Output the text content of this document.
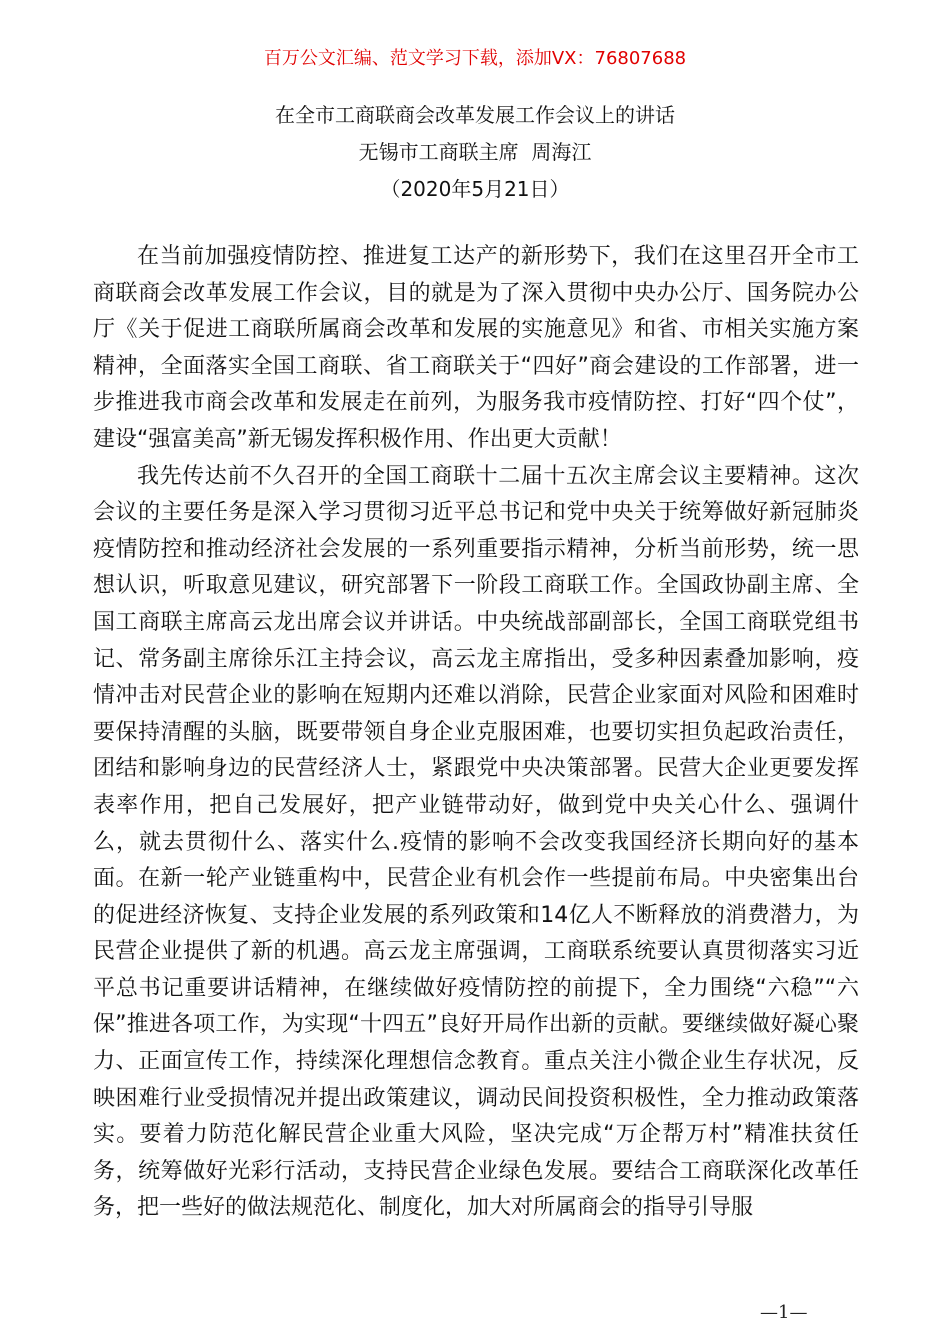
百万公文汇编、范文学习下载，添加VX：76807688
在全市工商联商会改革发展工作会议上的讲话
无锡市工商联主席  周海江
（2020年5月21日）

在当前加强疫情防控、推进复工达产的新形势下，我们在这里召开全市工商联商会改革发展工作会议，目的就是为了深入贯彻中央办公厅、国务院办公厅《关于促进工商联所属商会改革和发展的实施意见》和省、市相关实施方案精神，全面落实全国工商联、省工商联关于“四好”商会建设的工作部署，进一步推进我市商会改革和发展走在前列，为服务我市疫情防控、打好“四个仗”，建设“强富美高”新无锡发挥积极作用、作出更大贡献！

我先传达前不久召开的全国工商联十二届十五次主席会议主要精神。这次会议的主要任务是深入学习贯彻习近平总书记和党中央关于统筹做好新冠肺炎疫情防控和推动经济社会发展的一系列重要指示精神，分析当前形势，统一思想认识，听取意见建议，研究部署下一阶段工商联工作。全国政协副主席、全国工商联主席高云龙出席会议并讲话。中央统战部副部长，全国工商联党组书记、常务副主席徐乐江主持会议，高云龙主席指出，受多种因素叠加影响，疫情冲击对民营企业的影响在短期内还难以消除，民营企业家面对风险和困难时要保持清醒的头脑，既要带领自身企业克服困难，也要切实担负起政治责任，团结和影响身边的民营经济人士，紧跟党中央决策部署。民营大企业更要发挥表率作用，把自己发展好，把产业链带动好，做到党中央关心什么、强调什么，就去贯彻什么、落实什么.疫情的影响不会改变我国经济长期向好的基本面。在新一轮产业链重构中，民营企业有机会作一些提前布局。中央密集出台的促进经济恢复、支持企业发展的系列政策和14亿人不断释放的消费潜力，为民营企业提供了新的机遇。高云龙主席强调，工商联系统要认真贯彻落实习近平总书记重要讲话精神，在继续做好疫情防控的前提下，全力围绕“六稳”“六保”推进各项工作，为实现“十四五”良好开局作出新的贡献。要继续做好凝心聚力、正面宣传工作，持续深化理想信念教育。重点关注小微企业生存状况，反映困难行业受损情况并提出政策建议，调动民间投资积极性，全力推动政策落实。要着力防范化解民营企业重大风险，坚决完成“万企帮万村”精准扶贫任务，统筹做好光彩行活动，支持民营企业绿色发展。要结合工商联深化改革任务，把一些好的做法规范化、制度化，加大对所属商会的指导引导服

—1—
